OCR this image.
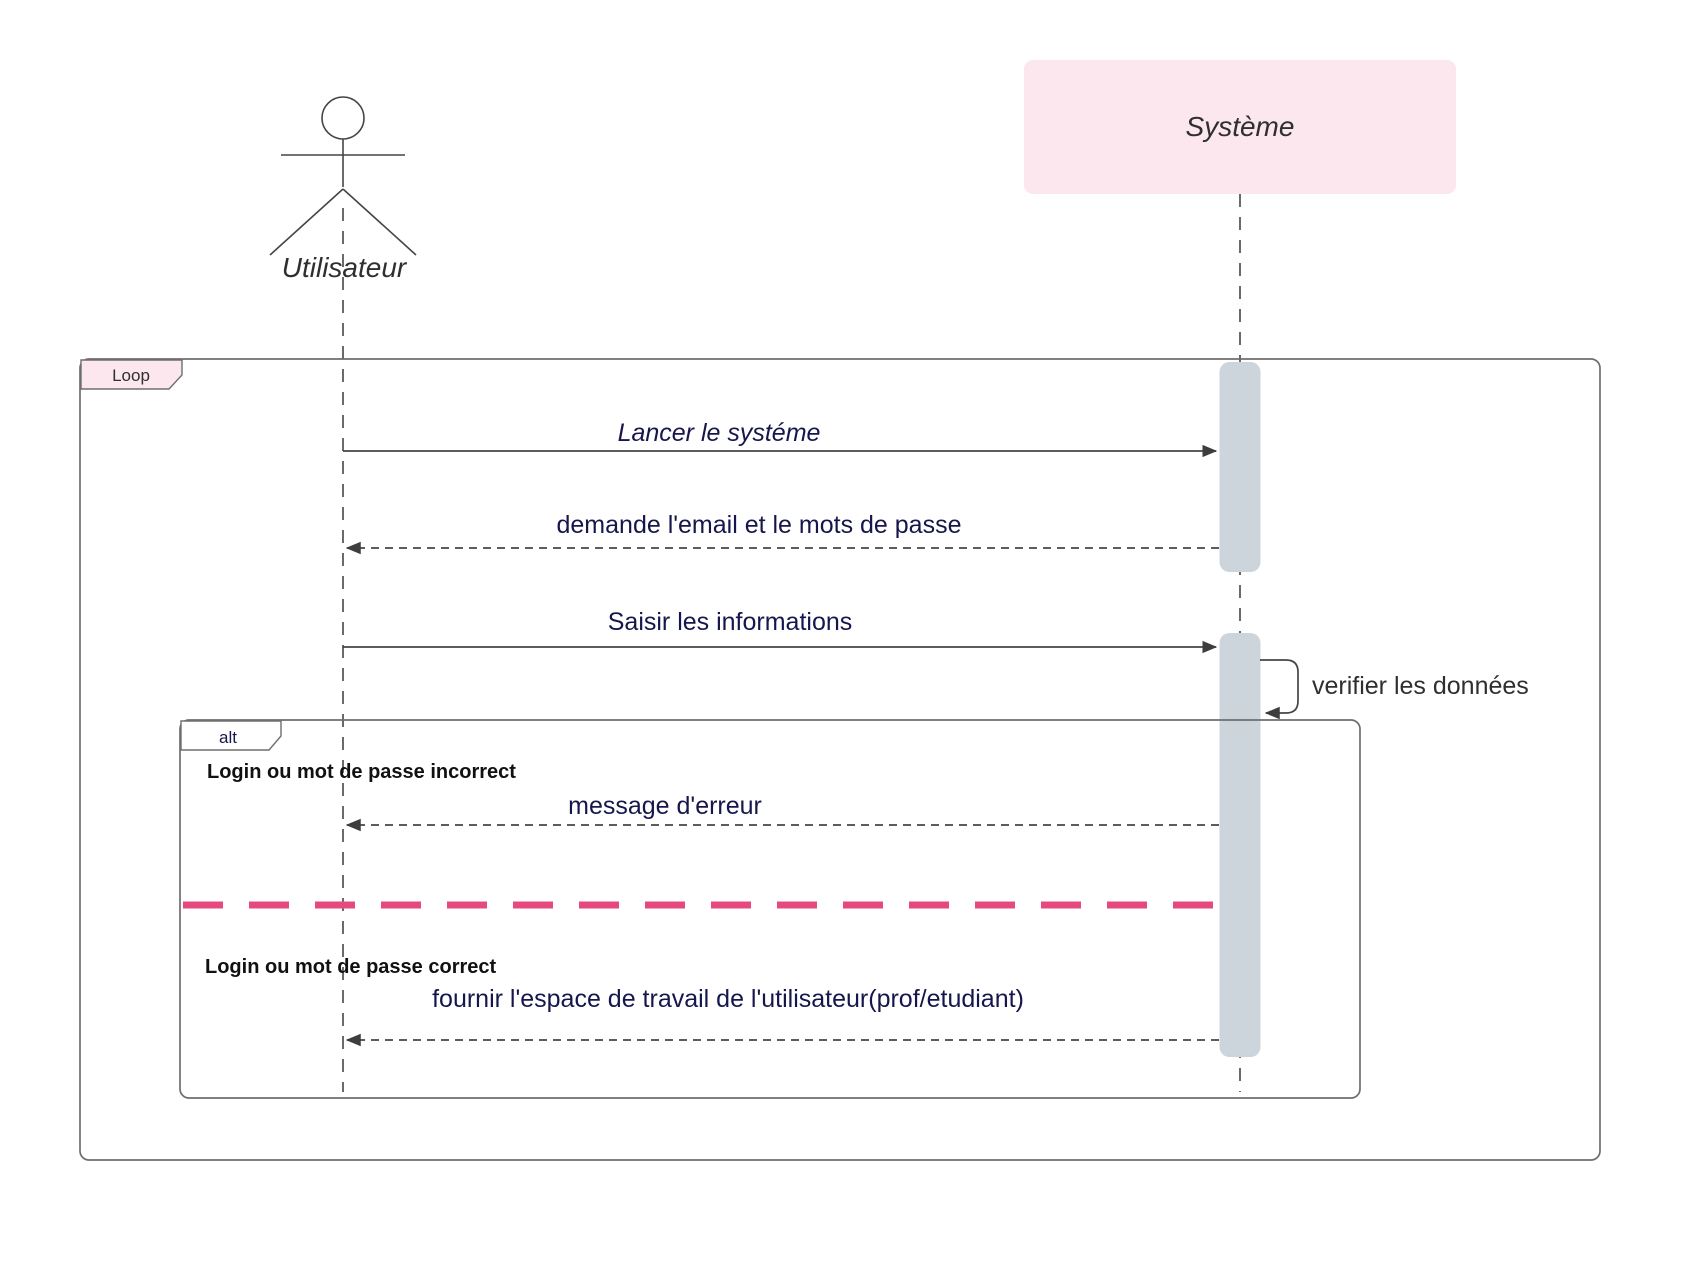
Loop
alt
Login ou mot de passe incorrect
Login ou mot de passe correct
Lancer le systéme
demande l'email et le mots de passe
Saisir les informations
verifier les données
message d'erreur
fournir l'espace de travail de l'utilisateur(prof/etudiant)
Utilisateur
Système
